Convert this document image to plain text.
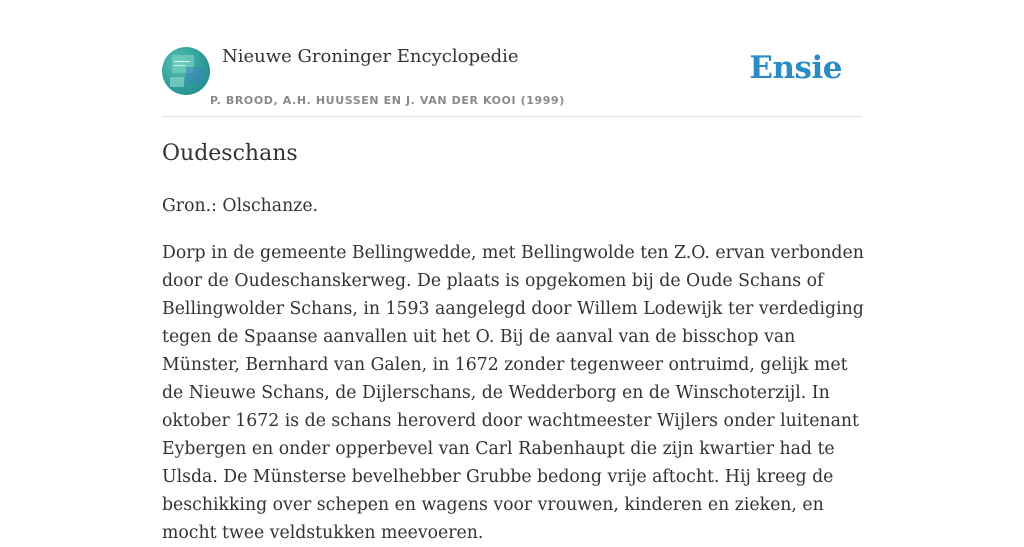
Nieuwe Groninger Encyclopedie
P. BROOD, A.H. HUUSSEN EN J. VAN DER KOOI (1999)
Ensie
Oudeschans

Gron.: Olschanze.

Dorp in de gemeente Bellingwedde, met Bellingwolde ten Z.O. ervan verbonden door de Oudeschanskerweg. De plaats is opgekomen bij de Oude Schans of Bellingwolder Schans, in 1593 aangelegd door Willem Lodewijk ter verdediging tegen de Spaanse aanvallen uit het O. Bij de aanval van de bisschop van Münster, Bernhard van Galen, in 1672 zonder tegenweer ontruimd, gelijk met de Nieuwe Schans, de Dijlerschans, de Wedderborg en de Winschoterzijl. In oktober 1672 is de schans heroverd door wachtmeester Wijlers onder luitenant Eybergen en onder opperbevel van Carl Rabenhaupt die zijn kwartier had te Ulsda. De Münsterse bevelhebber Grubbe bedong vrije aftocht. Hij kreeg de beschikking over schepen en wagens voor vrouwen, kinderen en zieken, en mocht twee veldstukken meevoeren.
